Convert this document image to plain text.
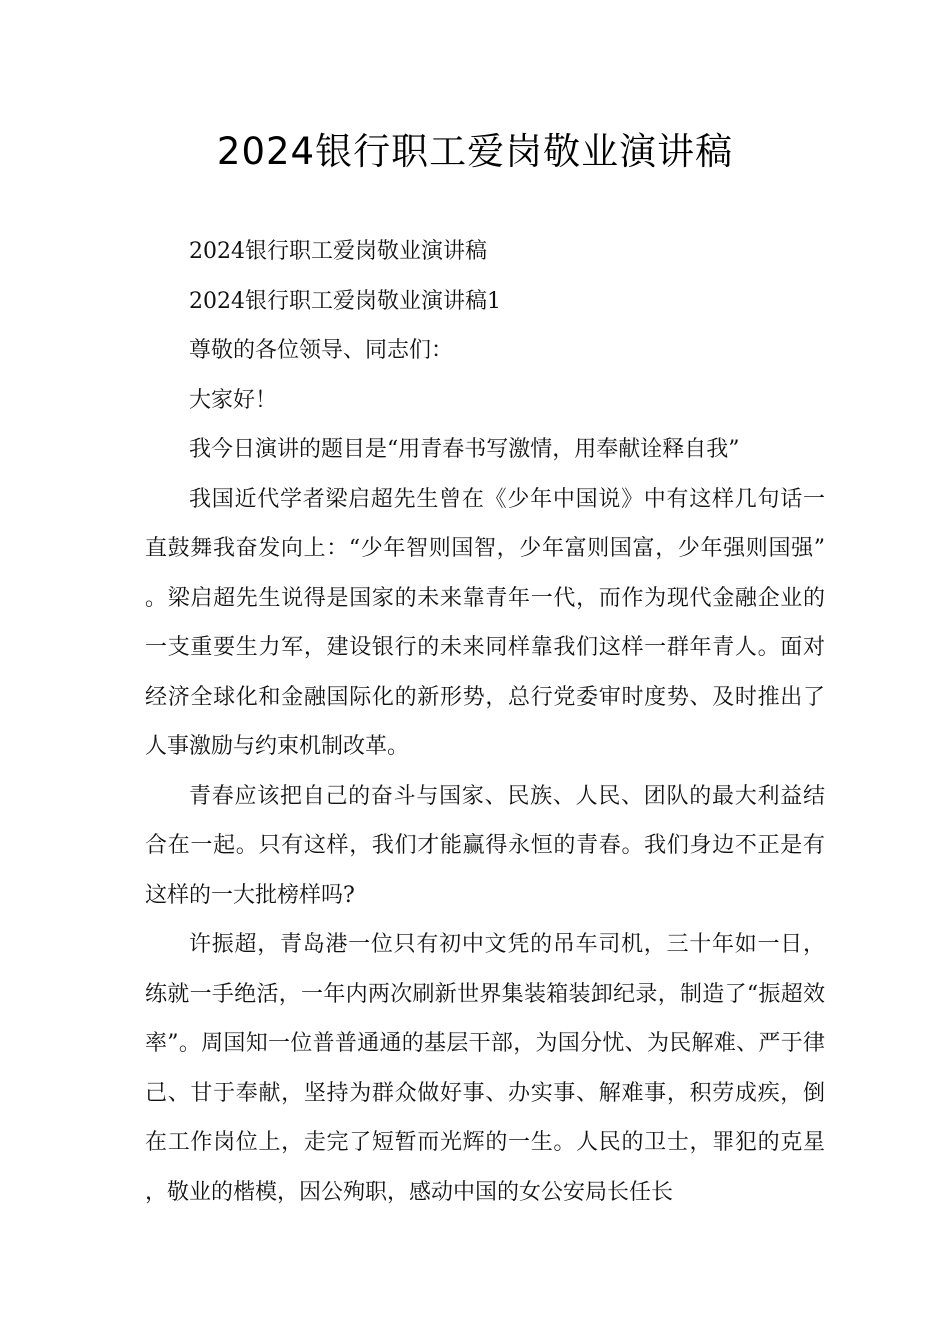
2024银行职工爱岗敬业演讲稿

2024银行职工爱岗敬业演讲稿

2024银行职工爱岗敬业演讲稿1

尊敬的各位领导、同志们：

大家好！

我今日演讲的题目是“用青春书写激情，用奉献诠释自我”

我国近代学者梁启超先生曾在《少年中国说》中有这样几句话一直鼓舞我奋发向上：“少年智则国智，少年富则国富，少年强则国强”。梁启超先生说得是国家的未来靠青年一代，而作为现代金融企业的一支重要生力军，建设银行的未来同样靠我们这样一群年青人。面对经济全球化和金融国际化的新形势，总行党委审时度势、及时推出了人事激励与约束机制改革。

青春应该把自己的奋斗与国家、民族、人民、团队的最大利益结合在一起。只有这样，我们才能赢得永恒的青春。我们身边不正是有这样的一大批榜样吗?

许振超，青岛港一位只有初中文凭的吊车司机，三十年如一日，练就一手绝活，一年内两次刷新世界集装箱装卸纪录，制造了“振超效率”。周国知一位普普通通的基层干部，为国分忧、为民解难、严于律己、甘于奉献，坚持为群众做好事、办实事、解难事，积劳成疾，倒在工作岗位上，走完了短暂而光辉的一生。人民的卫士，罪犯的克星，敬业的楷模，因公殉职，感动中国的女公安局长任长
